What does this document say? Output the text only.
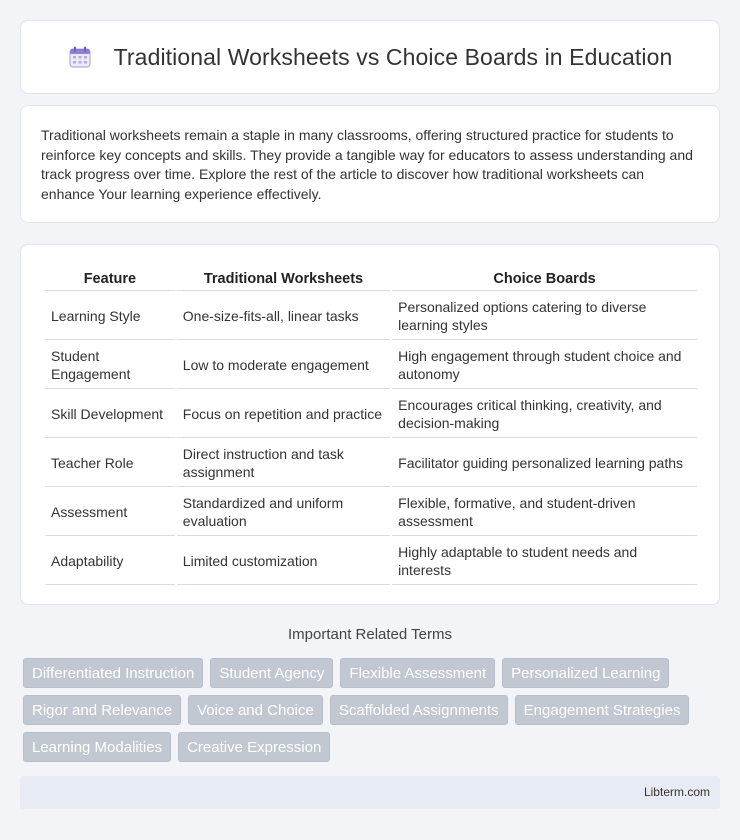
Traditional Worksheets vs Choice Boards in Education

Traditional worksheets remain a staple in many classrooms, offering structured practice for students to reinforce key concepts and skills. They provide a tangible way for educators to assess understanding and track progress over time. Explore the rest of the article to discover how traditional worksheets can enhance Your learning experience effectively.

Feature	Traditional Worksheets	Choice Boards
Learning Style	One-size-fits-all, linear tasks	Personalized options catering to diverse learning styles
Student Engagement	Low to moderate engagement	High engagement through student choice and autonomy
Skill Development	Focus on repetition and practice	Encourages critical thinking, creativity, and decision-making
Teacher Role	Direct instruction and task assignment	Facilitator guiding personalized learning paths
Assessment	Standardized and uniform evaluation	Flexible, formative, and student-driven assessment
Adaptability	Limited customization	Highly adaptable to student needs and interests
Important Related Terms
Differentiated Instruction	Student Agency	Flexible Assessment	Personalized Learning
Rigor and Relevance	Voice and Choice	Scaffolded Assignments	Engagement Strategies
Learning Modalities	Creative Expression
Libterm.com
